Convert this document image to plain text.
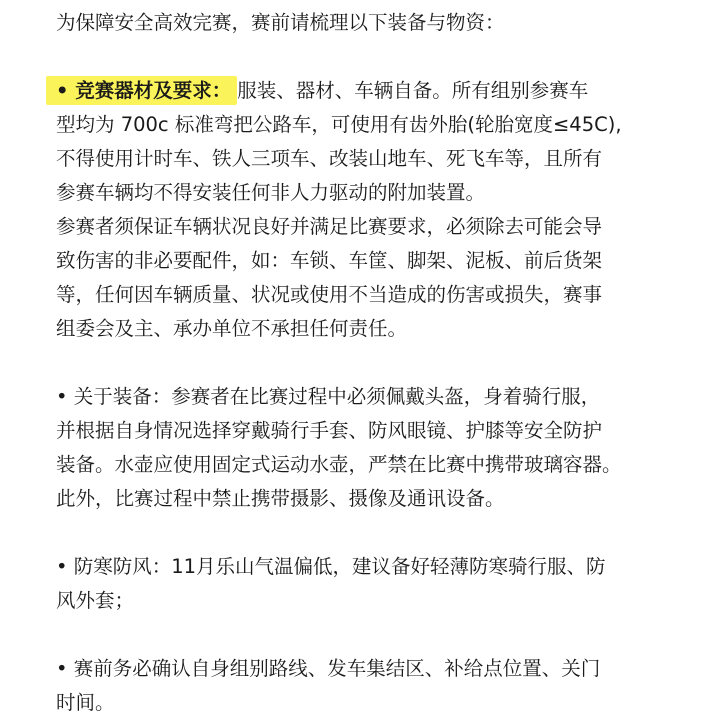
为保障安全高效完赛，赛前请梳理以下装备与物资：
• 竞赛器材及要求： 服装、器材、车辆自备。所有组别参赛车
型均为 700c 标准弯把公路车，可使用有齿外胎(轮胎宽度≤45C),
不得使用计时车、铁人三项车、改装山地车、死飞车等，且所有
参赛车辆均不得安装任何非人力驱动的附加装置。
参赛者须保证车辆状况良好并满足比赛要求，必须除去可能会导
致伤害的非必要配件，如：车锁、车筐、脚架、泥板、前后货架
等，任何因车辆质量、状况或使用不当造成的伤害或损失，赛事
组委会及主、承办单位不承担任何责任。
• 关于装备：参赛者在比赛过程中必须佩戴头盔，身着骑行服，
并根据自身情况选择穿戴骑行手套、防风眼镜、护膝等安全防护
装备。水壶应使用固定式运动水壶，严禁在比赛中携带玻璃容器。
此外，比赛过程中禁止携带摄影、摄像及通讯设备。
• 防寒防风：11月乐山气温偏低，建议备好轻薄防寒骑行服、防
风外套；
• 赛前务必确认自身组别路线、发车集结区、补给点位置、关门
时间。
